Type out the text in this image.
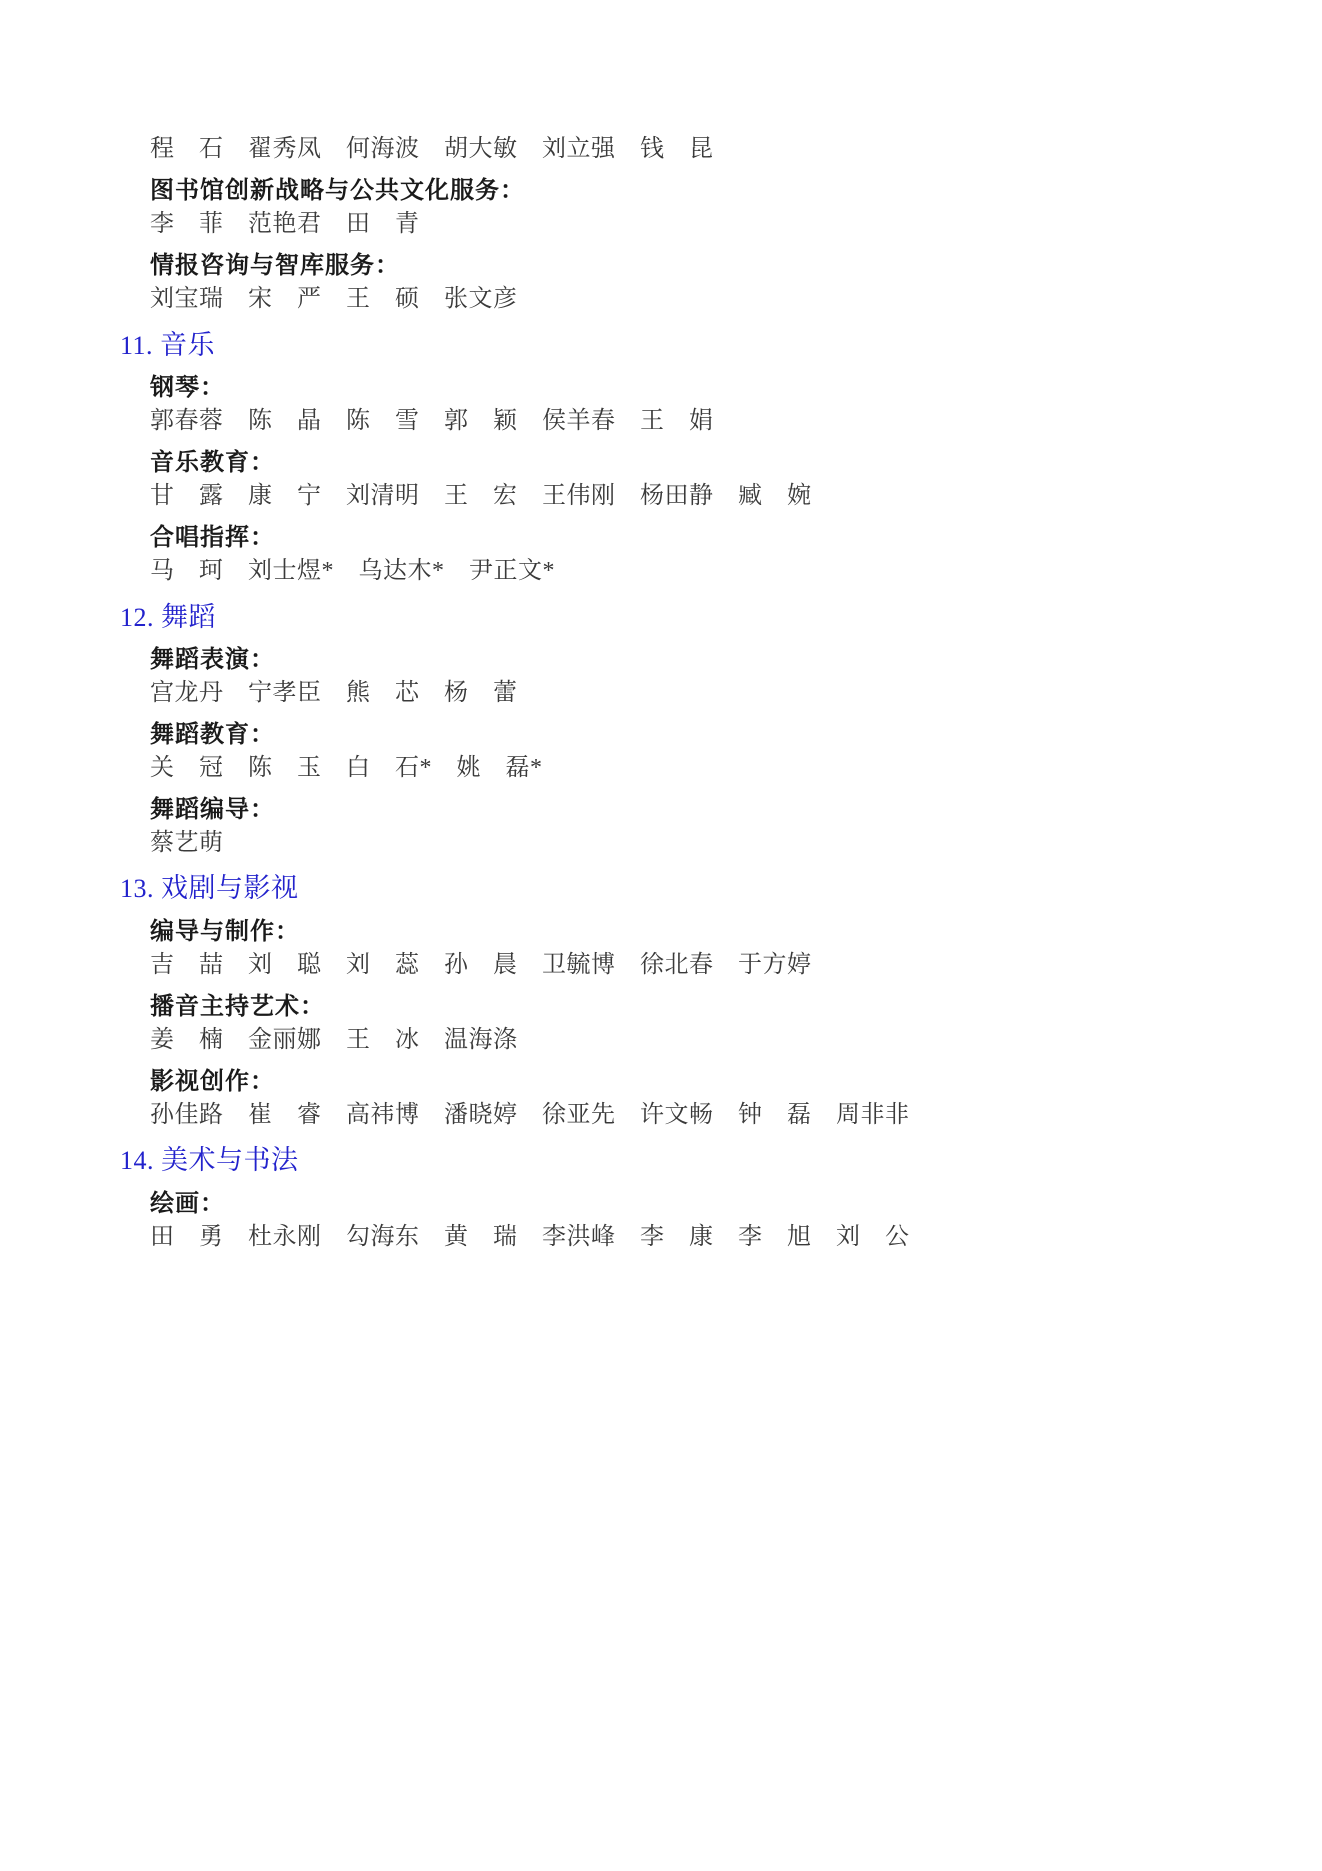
程　石　翟秀凤　何海波　胡大敏　刘立强　钱　昆
图书馆创新战略与公共文化服务：
李　菲　范艳君　田　青
情报咨询与智库服务：
刘宝瑞　宋　严　王　硕　张文彦
11. 音乐
钢琴：
郭春蓉　陈　晶　陈　雪　郭　颖　侯羊春　王　娟
音乐教育：
甘　露　康　宁　刘清明　王　宏　王伟刚　杨田静　臧　婉
合唱指挥：
马　珂　刘士煜*　乌达木*　尹正文*
12. 舞蹈
舞蹈表演：
宫龙丹　宁孝臣　熊　芯　杨　蕾
舞蹈教育：
关　冠　陈　玉　白　石*　姚　磊*
舞蹈编导：
蔡艺萌
13. 戏剧与影视
编导与制作：
吉　喆　刘　聪　刘　蕊　孙　晨　卫毓博　徐北春　于方婷
播音主持艺术：
姜　楠　金丽娜　王　冰　温海涤
影视创作：
孙佳路　崔　睿　高祎博　潘晓婷　徐亚先　许文畅　钟　磊　周非非
14. 美术与书法
绘画：
田　勇　杜永刚　勾海东　黄　瑞　李洪峰　李　康　李　旭　刘　公
